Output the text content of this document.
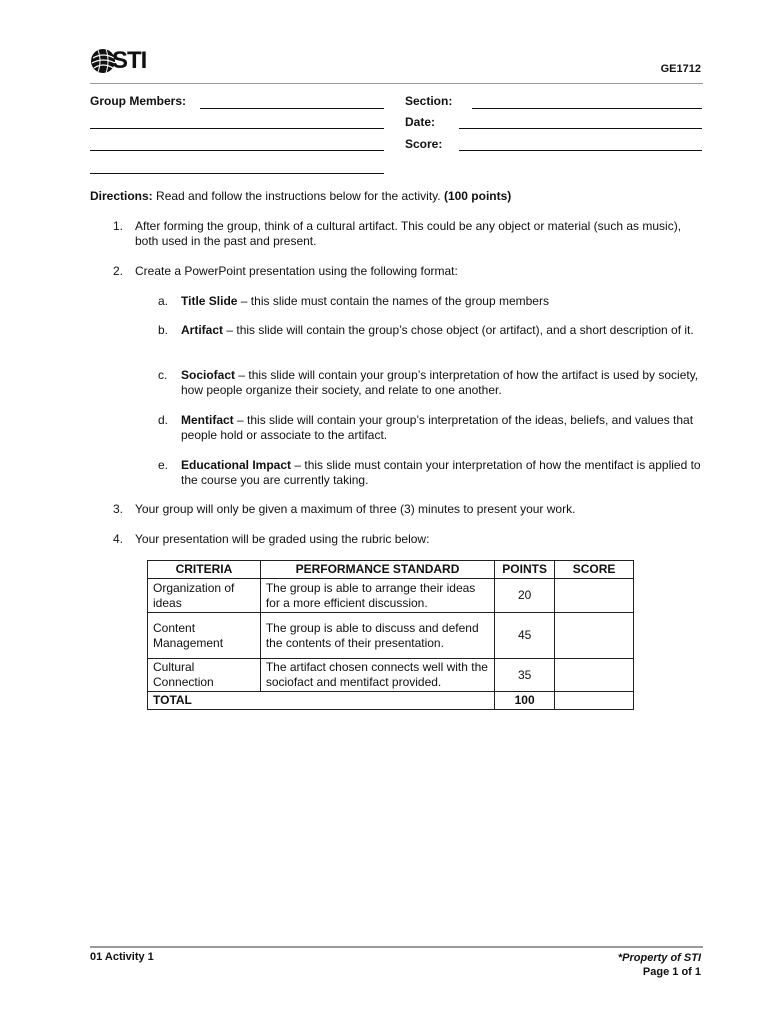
STI	GE1712
Group Members:	Section:
Date:
Score:
Directions: Read and follow the instructions below for the activity. (100 points)
1. After forming the group, think of a cultural artifact. This could be any object or material (such as music), both used in the past and present.
2. Create a PowerPoint presentation using the following format:
a. Title Slide – this slide must contain the names of the group members
b. Artifact – this slide will contain the group’s chose object (or artifact), and a short description of it.
c. Sociofact – this slide will contain your group’s interpretation of how the artifact is used by society, how people organize their society, and relate to one another.
d. Mentifact – this slide will contain your group’s interpretation of the ideas, beliefs, and values that people hold or associate to the artifact.
e. Educational Impact – this slide must contain your interpretation of how the mentifact is applied to the course you are currently taking.
3. Your group will only be given a maximum of three (3) minutes to present your work.
4. Your presentation will be graded using the rubric below:
CRITERIA	PERFORMANCE STANDARD	POINTS	SCORE
Organization of ideas	The group is able to arrange their ideas for a more efficient discussion.	20	
Content Management	The group is able to discuss and defend the contents of their presentation.	45	
Cultural Connection	The artifact chosen connects well with the sociofact and mentifact provided.	35	
TOTAL		100	
01 Activity 1	*Property of STI
Page 1 of 1
